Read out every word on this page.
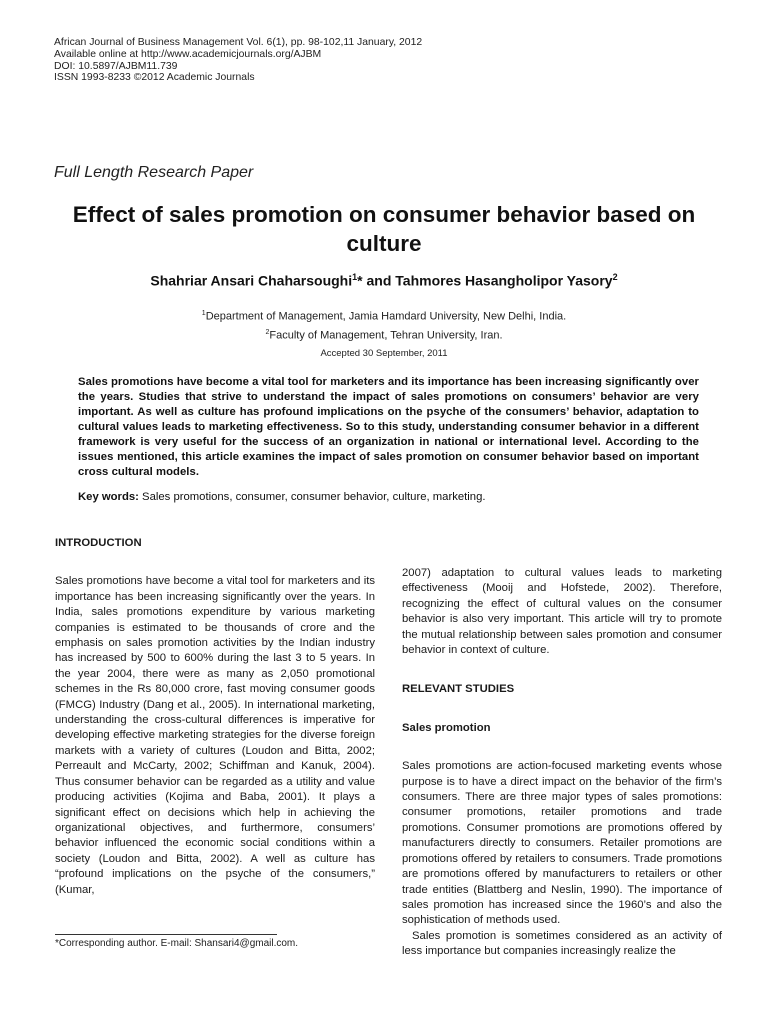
African Journal of Business Management Vol. 6(1), pp. 98-102,11 January, 2012
Available online at http://www.academicjournals.org/AJBM
DOI: 10.5897/AJBM11.739
ISSN 1993-8233 ©2012 Academic Journals
Full Length Research Paper
Effect of sales promotion on consumer behavior based on culture
Shahriar Ansari Chaharsoughi$^1$* and Tahmores Hasangholipor Yasory$^2$
$^1$Department of Management, Jamia Hamdard University, New Delhi, India.
$^2$Faculty of Management, Tehran University, Iran.
Accepted 30 September, 2011
Sales promotions have become a vital tool for marketers and its importance has been increasing significantly over the years. Studies that strive to understand the impact of sales promotions on consumers’ behavior are very important. As well as culture has profound implications on the psyche of the consumers’ behavior, adaptation to cultural values leads to marketing effectiveness. So to this study, understanding consumer behavior in a different framework is very useful for the success of an organization in national or international level. According to the issues mentioned, this article examines the impact of sales promotion on consumer behavior based on important cross cultural models.
Key words: Sales promotions, consumer, consumer behavior, culture, marketing.

INTRODUCTION

Sales promotions have become a vital tool for marketers and its importance has been increasing significantly over the years. In India, sales promotions expenditure by various marketing companies is estimated to be thousands of crore and the emphasis on sales promotion activities by the Indian industry has increased by 500 to 600% during the last 3 to 5 years. In the year 2004, there were as many as 2,050 promotional schemes in the Rs 80,000 crore, fast moving consumer goods (FMCG) Industry (Dang et al., 2005). In international marketing, understanding the cross-cultural differences is imperative for developing effective marketing strategies for the diverse foreign markets with a variety of cultures (Loudon and Bitta, 2002; Perreault and McCarty, 2002; Schiffman and Kanuk, 2004). Thus consumer behavior can be regarded as a utility and value producing activities (Kojima and Baba, 2001). It plays a significant effect on decisions which help in achieving the organizational objectives, and furthermore, consumers’ behavior influenced the economic social conditions within a society (Loudon and Bitta, 2002). A well as culture has “profound implications on the psyche of the consumers,” (Kumar,

2007) adaptation to cultural values leads to marketing effectiveness (Mooij and Hofstede, 2002). Therefore, recognizing the effect of cultural values on the consumer behavior is also very important. This article will try to promote the mutual relationship between sales promotion and consumer behavior in context of culture.

RELEVANT STUDIES

Sales promotion

Sales promotions are action-focused marketing events whose purpose is to have a direct impact on the behavior of the firm’s consumers. There are three major types of sales promotions: consumer promotions, retailer promotions and trade promotions. Consumer promotions are promotions offered by manufacturers directly to consumers. Retailer promotions are promotions offered by retailers to consumers. Trade promotions are promotions offered by manufacturers to retailers or other trade entities (Blattberg and Neslin, 1990). The importance of sales promotion has increased since the 1960’s and also the sophistication of methods used.

Sales promotion is sometimes considered as an activity of less importance but companies increasingly realize the

*Corresponding author. E-mail: Shansari4@gmail.com.
